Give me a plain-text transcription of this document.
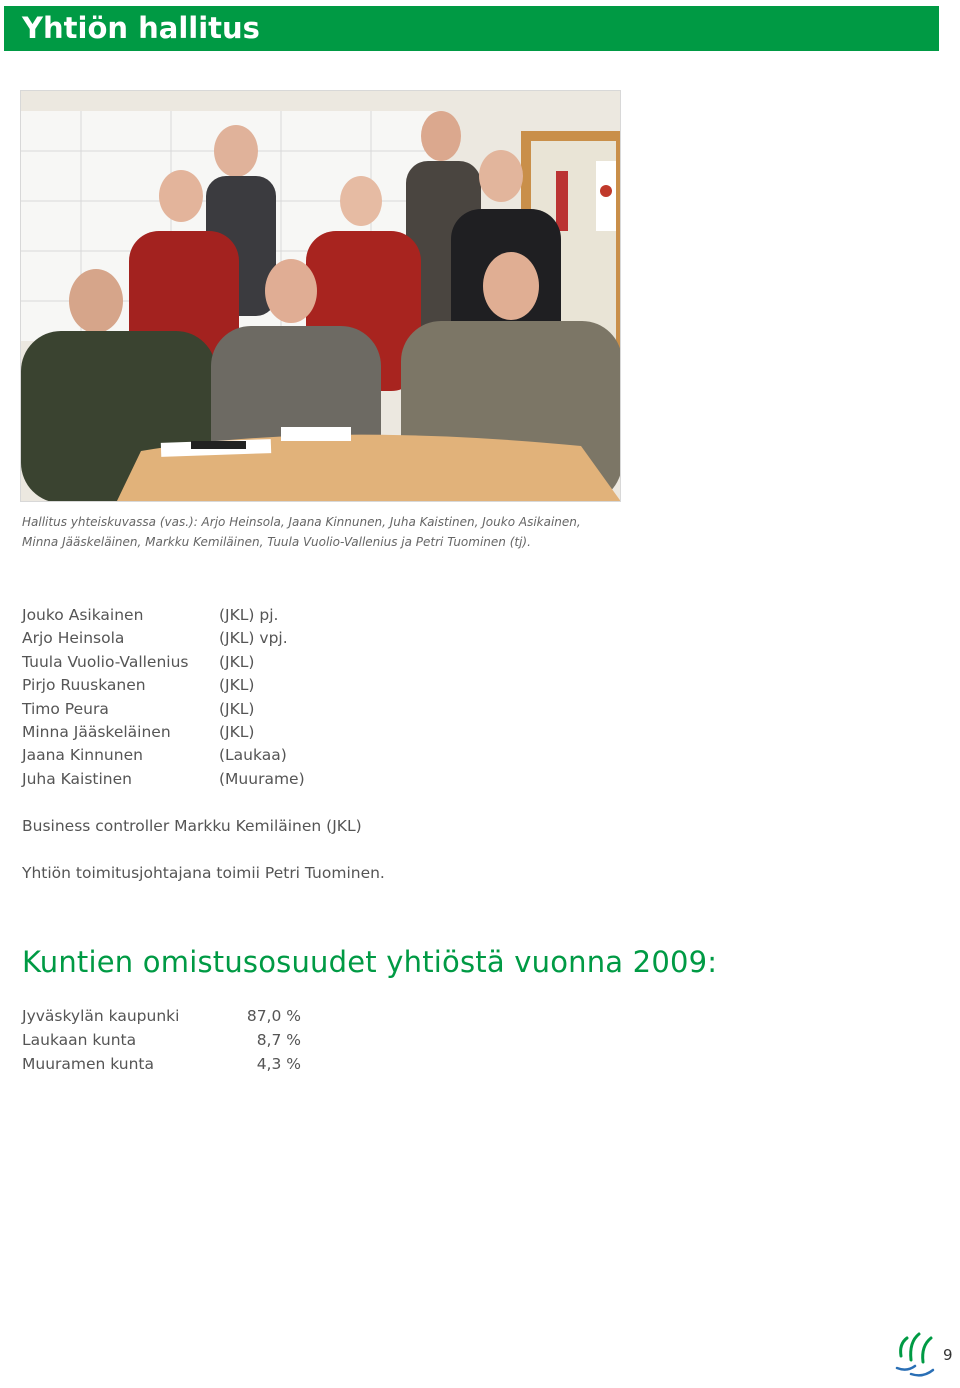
Yhtiön hallitus
Hallitus yhteiskuvassa (vas.): Arjo Heinsola, Jaana Kinnunen, Juha Kaistinen, Jouko Asikainen,
Minna Jääskeläinen, Markku Kemiläinen, Tuula Vuolio-Vallenius ja Petri Tuominen (tj).
Jouko Asikainen	(JKL) pj.
Arjo Heinsola	(JKL) vpj.
Tuula Vuolio-Vallenius	(JKL)
Pirjo Ruuskanen	(JKL)
Timo Peura	(JKL)
Minna Jääskeläinen	(JKL)
Jaana Kinnunen	(Laukaa)
Juha Kaistinen	(Muurame)
Business controller Markku Kemiläinen (JKL)
Yhtiön toimitusjohtajana toimii Petri Tuominen.
Kuntien omistusosuudet yhtiöstä vuonna 2009:
Jyväskylän kaupunki	87,0 %
Laukaan kunta	8,7 %
Muuramen kunta	4,3 %
9
